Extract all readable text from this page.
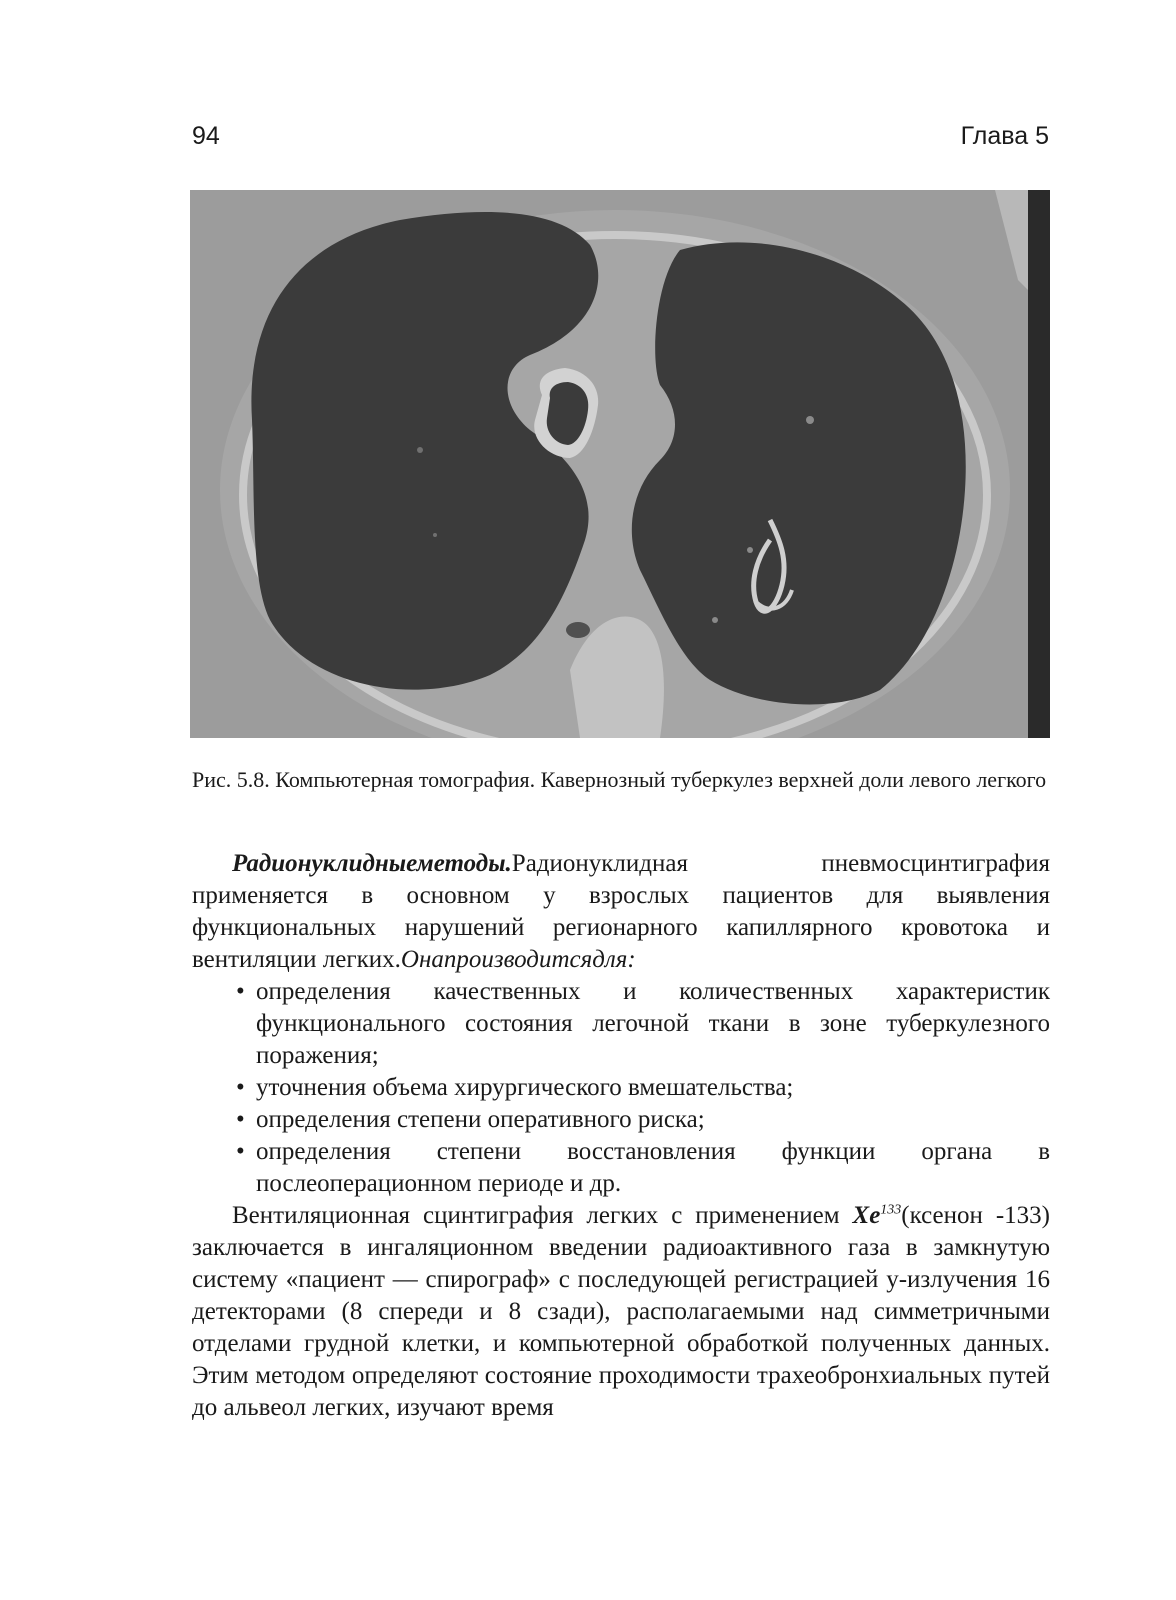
94	Глава 5
Рис. 5.8. Компьютерная томография. Кавернозный туберкулез верхней доли левого легкого

Радионуклидныеметоды.Радионуклидная пневмосцинтиграфия применяется в основном у взрослых пациентов для выявления функциональных нарушений регионарного капиллярного кровотока и вентиляции легких.Онапроизводитсядля:

• определения качественных и количественных характеристик функционального состояния легочной ткани в зоне туберкулезного поражения;
• уточнения объема хирургического вмешательства;
• определения степени оперативного риска;
• определения степени восстановления функции органа в послеоперационном периоде и др.

Вентиляционная сцинтиграфия легких с применением Xe$^{133}$(ксенон -133) заключается в ингаляционном введении радиоактивного газа в замкнутую систему «пациент — спирограф» с последующей регистрацией у-излучения 16 детекторами (8 спереди и 8 сзади), располагаемыми над симметричными отделами грудной клетки, и компьютерной обработкой полученных данных. Этим методом определяют состояние проходимости трахеобронхиальных путей до альвеол легких, изучают время
